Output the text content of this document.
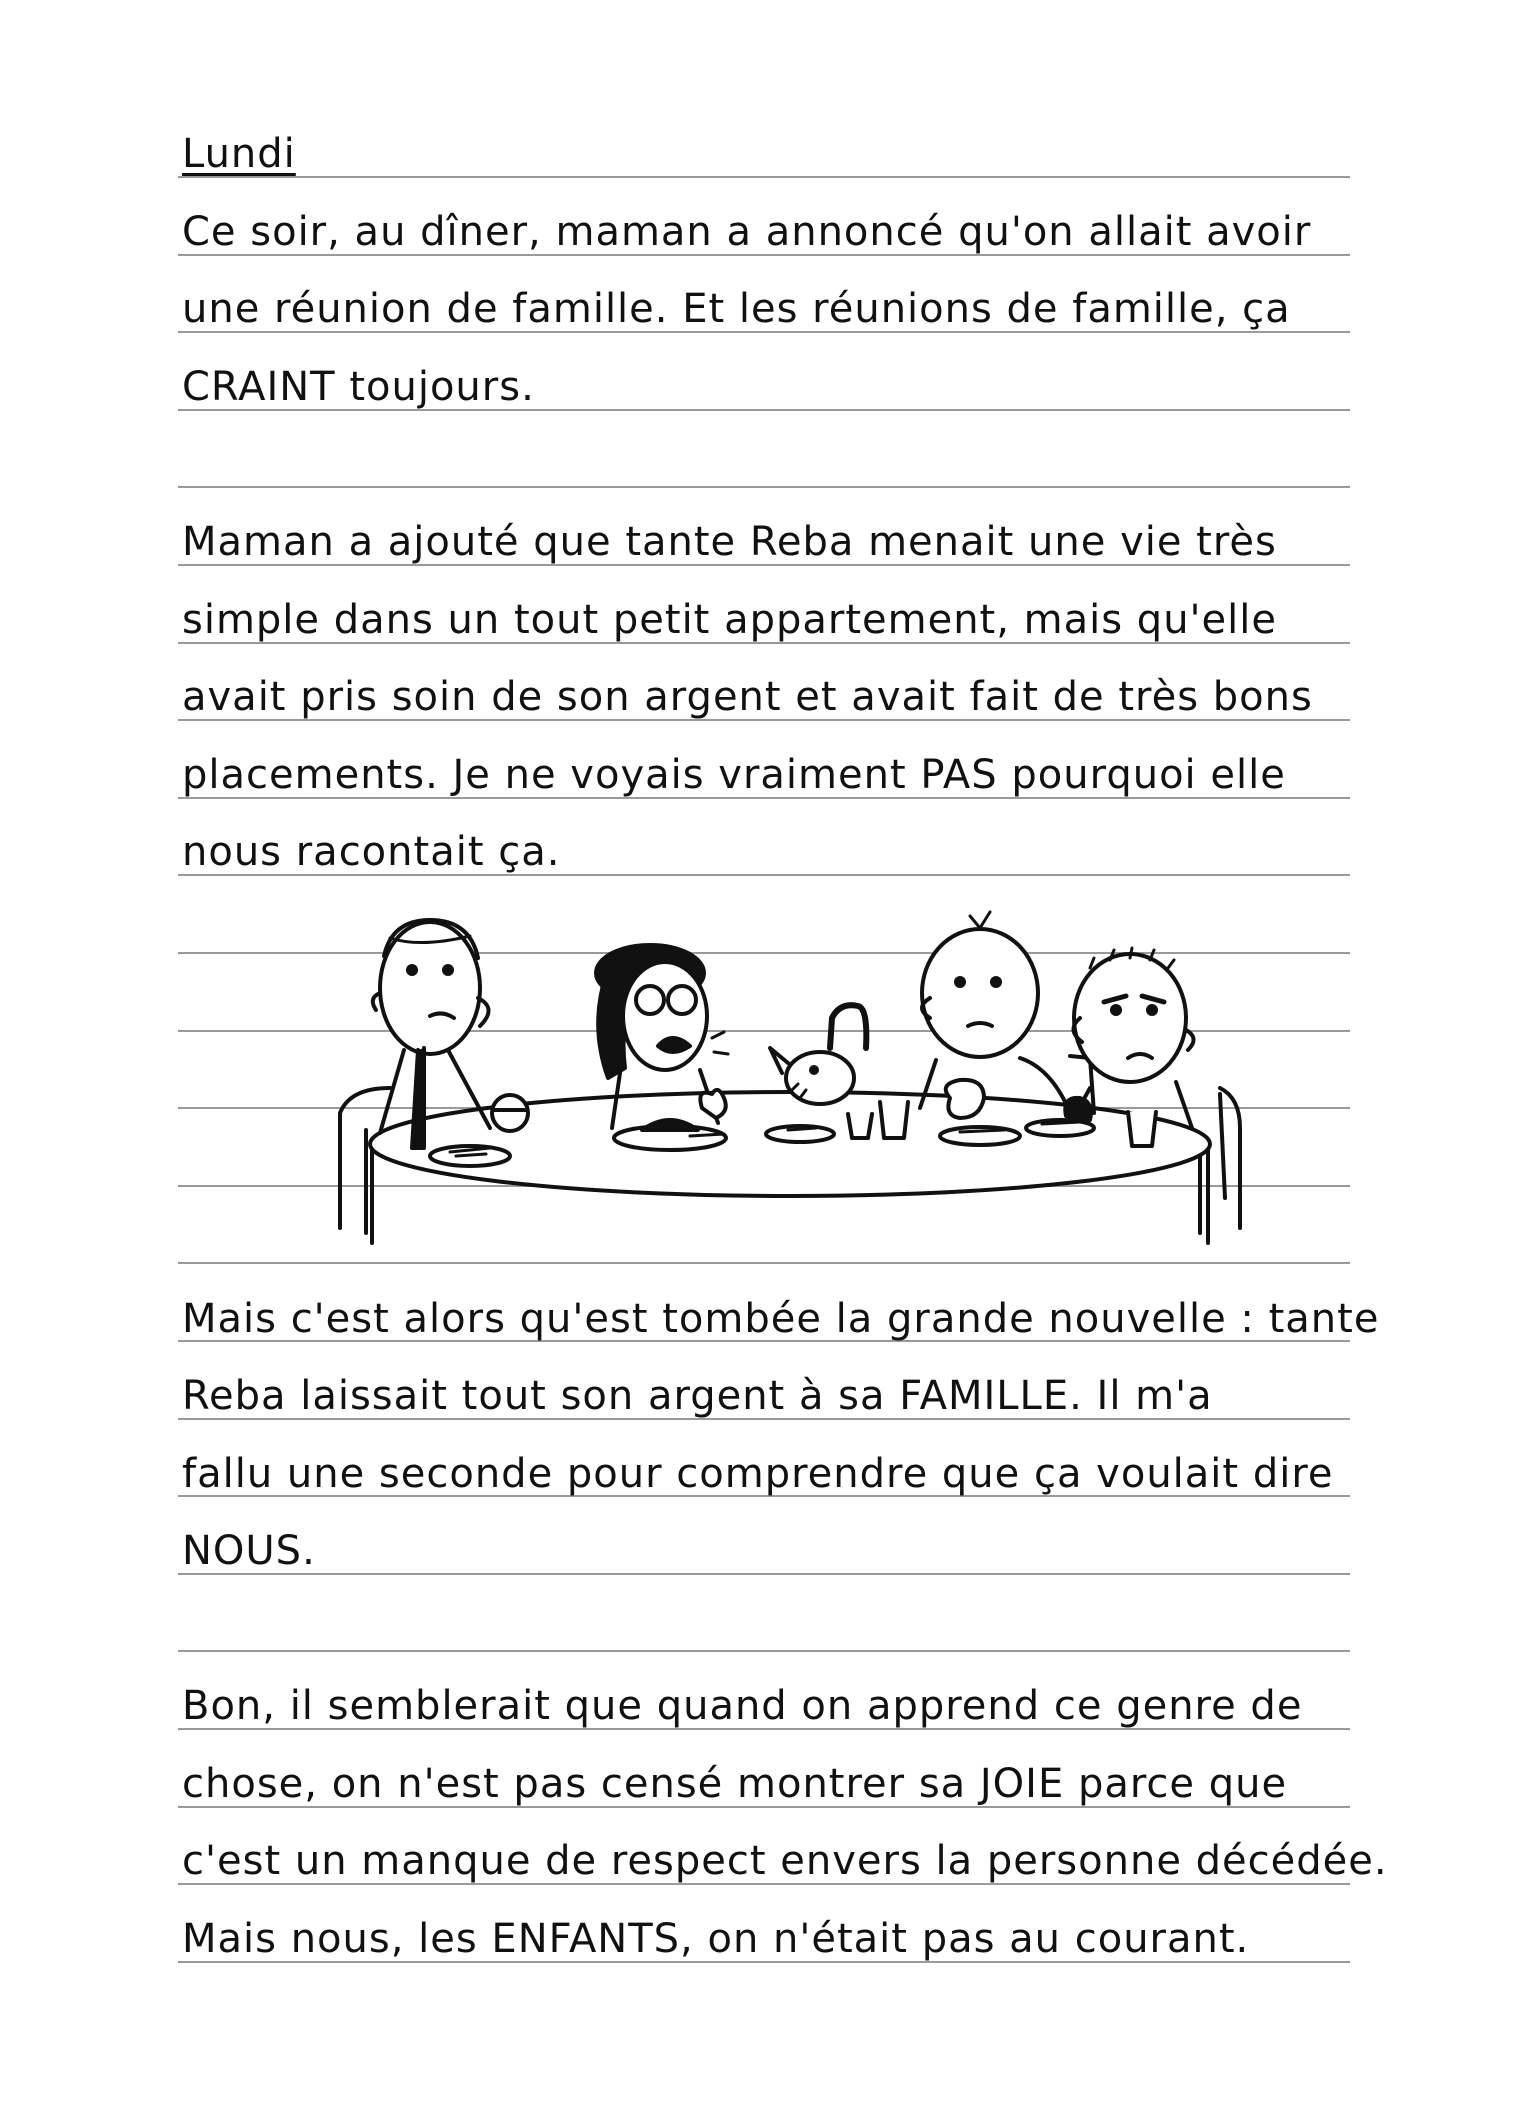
Lundi
Ce soir, au dîner, maman a annoncé qu'on allait avoir
une réunion de famille. Et les réunions de famille, ça
CRAINT toujours.
Maman a ajouté que tante Reba menait une vie très
simple dans un tout petit appartement, mais qu'elle
avait pris soin de son argent et avait fait de très bons
placements. Je ne voyais vraiment PAS pourquoi elle
nous racontait ça.
Mais c'est alors qu'est tombée la grande nouvelle : tante
Reba laissait tout son argent à sa FAMILLE. Il m'a
fallu une seconde pour comprendre que ça voulait dire
NOUS.
Bon, il semblerait que quand on apprend ce genre de
chose, on n'est pas censé montrer sa JOIE parce que
c'est un manque de respect envers la personne décédée.
Mais nous, les ENFANTS, on n'était pas au courant.
